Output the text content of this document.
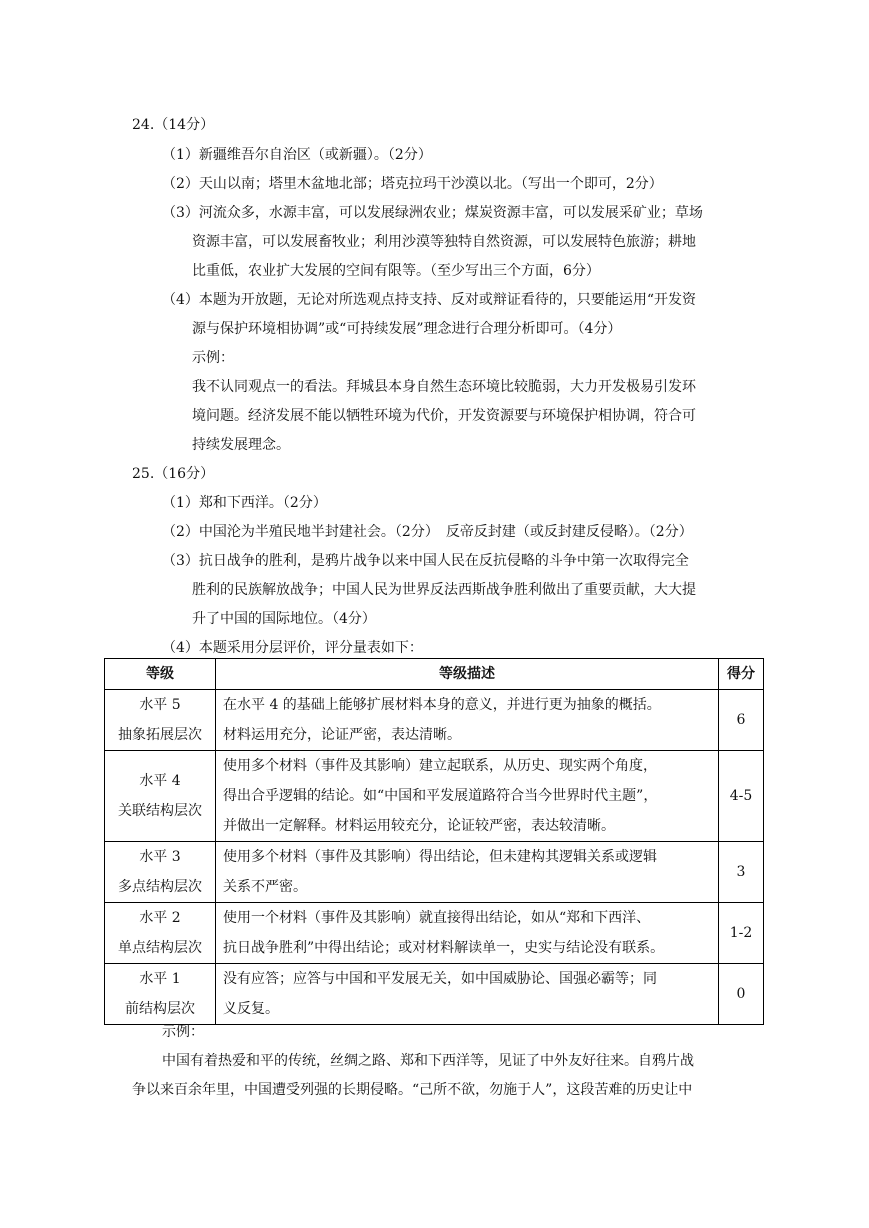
24.（14分）
（1）新疆维吾尔自治区（或新疆）。（2分）
（2）天山以南；塔里木盆地北部；塔克拉玛干沙漠以北。（写出一个即可，2分）
（3）河流众多，水源丰富，可以发展绿洲农业；煤炭资源丰富，可以发展采矿业；草场
资源丰富，可以发展畜牧业；利用沙漠等独特自然资源，可以发展特色旅游；耕地
比重低，农业扩大发展的空间有限等。（至少写出三个方面，6分）
（4）本题为开放题，无论对所选观点持支持、反对或辩证看待的，只要能运用“开发资
源与保护环境相协调”或“可持续发展”理念进行合理分析即可。（4分）
示例：
我不认同观点一的看法。拜城县本身自然生态环境比较脆弱，大力开发极易引发环
境问题。经济发展不能以牺牲环境为代价，开发资源要与环境保护相协调，符合可
持续发展理念。
25.（16分）
（1）郑和下西洋。（2分）
（2）中国沦为半殖民地半封建社会。（2分）　反帝反封建（或反封建反侵略）。（2分）
（3）抗日战争的胜利，是鸦片战争以来中国人民在反抗侵略的斗争中第一次取得完全
胜利的民族解放战争；中国人民为世界反法西斯战争胜利做出了重要贡献，大大提
升了中国的国际地位。（4分）
（4）本题采用分层评价，评分量表如下：
等级	等级描述	得分

水平 5
抽象拓展层次	在水平 4 的基础上能够扩展材料本身的意义，并进行更为抽象的概括。
材料运用充分，论证严密，表达清晰。	6

水平 4
关联结构层次	使用多个材料（事件及其影响）建立起联系，从历史、现实两个角度，
得出合乎逻辑的结论。如“中国和平发展道路符合当今世界时代主题”，
并做出一定解释。材料运用较充分，论证较严密，表达较清晰。	4-5

水平 3
多点结构层次	使用多个材料（事件及其影响）得出结论，但未建构其逻辑关系或逻辑
关系不严密。	3

水平 2
单点结构层次	使用一个材料（事件及其影响）就直接得出结论，如从“郑和下西洋、
抗日战争胜利”中得出结论；或对材料解读单一，史实与结论没有联系。	1-2

水平 1
前结构层次	没有应答；应答与中国和平发展无关，如中国威胁论、国强必霸等；同
义反复。	0
示例：
中国有着热爱和平的传统，丝绸之路、郑和下西洋等，见证了中外友好往来。自鸦片战
争以来百余年里，中国遭受列强的长期侵略。“己所不欲，勿施于人”，这段苦难的历史让中
